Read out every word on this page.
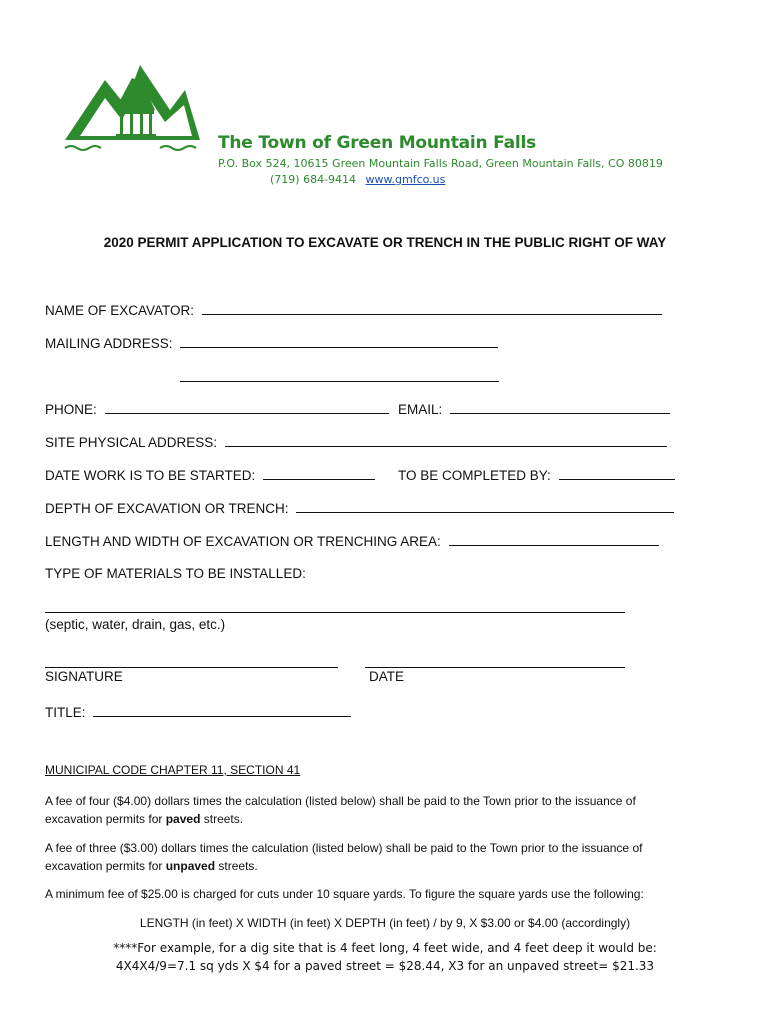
The Town of Green Mountain Falls
P.O. Box 524, 10615 Green Mountain Falls Road, Green Mountain Falls, CO 80819
(719) 684-9414 www.gmfco.us
2020 PERMIT APPLICATION TO EXCAVATE OR TRENCH IN THE PUBLIC RIGHT OF WAY
NAME OF EXCAVATOR:
MAILING ADDRESS:
PHONE:	EMAIL:
SITE PHYSICAL ADDRESS:
DATE WORK IS TO BE STARTED:	TO BE COMPLETED BY:
DEPTH OF EXCAVATION OR TRENCH:
LENGTH AND WIDTH OF EXCAVATION OR TRENCHING AREA:
TYPE OF MATERIALS TO BE INSTALLED:
(septic, water, drain, gas, etc.)
SIGNATURE	DATE
TITLE:
MUNICIPAL CODE CHAPTER 11, SECTION 41
A fee of four ($4.00) dollars times the calculation (listed below) shall be paid to the Town prior to the issuance of excavation permits for paved streets.
A fee of three ($3.00) dollars times the calculation (listed below) shall be paid to the Town prior to the issuance of excavation permits for unpaved streets.
A minimum fee of $25.00 is charged for cuts under 10 square yards. To figure the square yards use the following:
LENGTH (in feet) X WIDTH (in feet) X DEPTH (in feet) / by 9, X $3.00 or $4.00 (accordingly)
****For example, for a dig site that is 4 feet long, 4 feet wide, and 4 feet deep it would be:
4X4X4/9=7.1 sq yds X $4 for a paved street = $28.44, X3 for an unpaved street= $21.33
